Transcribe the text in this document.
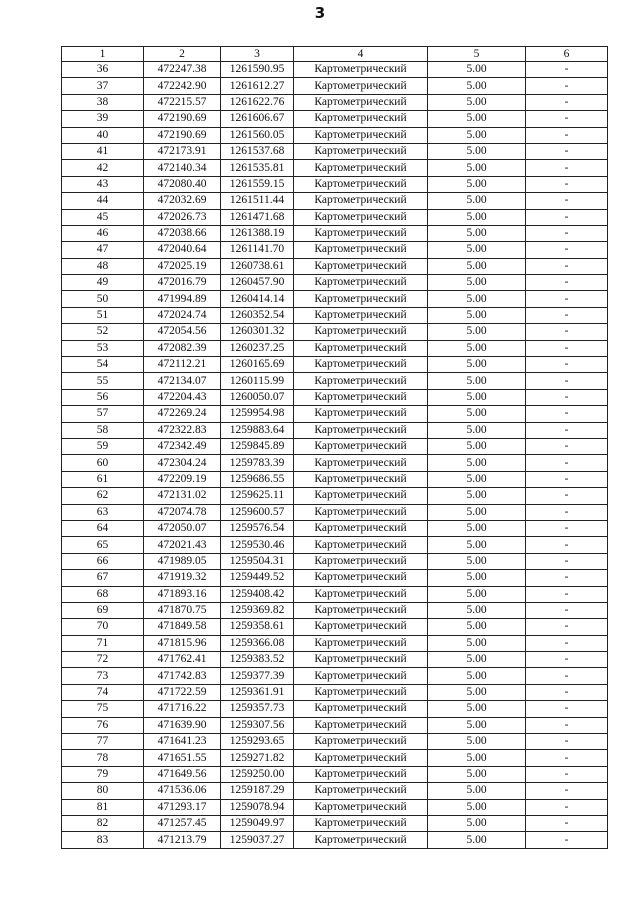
3
1	2	3	4	5	6
36	472247.38	1261590.95	Картометрический	5.00	-
37	472242.90	1261612.27	Картометрический	5.00	-
38	472215.57	1261622.76	Картометрический	5.00	-
39	472190.69	1261606.67	Картометрический	5.00	-
40	472190.69	1261560.05	Картометрический	5.00	-
41	472173.91	1261537.68	Картометрический	5.00	-
42	472140.34	1261535.81	Картометрический	5.00	-
43	472080.40	1261559.15	Картометрический	5.00	-
44	472032.69	1261511.44	Картометрический	5.00	-
45	472026.73	1261471.68	Картометрический	5.00	-
46	472038.66	1261388.19	Картометрический	5.00	-
47	472040.64	1261141.70	Картометрический	5.00	-
48	472025.19	1260738.61	Картометрический	5.00	-
49	472016.79	1260457.90	Картометрический	5.00	-
50	471994.89	1260414.14	Картометрический	5.00	-
51	472024.74	1260352.54	Картометрический	5.00	-
52	472054.56	1260301.32	Картометрический	5.00	-
53	472082.39	1260237.25	Картометрический	5.00	-
54	472112.21	1260165.69	Картометрический	5.00	-
55	472134.07	1260115.99	Картометрический	5.00	-
56	472204.43	1260050.07	Картометрический	5.00	-
57	472269.24	1259954.98	Картометрический	5.00	-
58	472322.83	1259883.64	Картометрический	5.00	-
59	472342.49	1259845.89	Картометрический	5.00	-
60	472304.24	1259783.39	Картометрический	5.00	-
61	472209.19	1259686.55	Картометрический	5.00	-
62	472131.02	1259625.11	Картометрический	5.00	-
63	472074.78	1259600.57	Картометрический	5.00	-
64	472050.07	1259576.54	Картометрический	5.00	-
65	472021.43	1259530.46	Картометрический	5.00	-
66	471989.05	1259504.31	Картометрический	5.00	-
67	471919.32	1259449.52	Картометрический	5.00	-
68	471893.16	1259408.42	Картометрический	5.00	-
69	471870.75	1259369.82	Картометрический	5.00	-
70	471849.58	1259358.61	Картометрический	5.00	-
71	471815.96	1259366.08	Картометрический	5.00	-
72	471762.41	1259383.52	Картометрический	5.00	-
73	471742.83	1259377.39	Картометрический	5.00	-
74	471722.59	1259361.91	Картометрический	5.00	-
75	471716.22	1259357.73	Картометрический	5.00	-
76	471639.90	1259307.56	Картометрический	5.00	-
77	471641.23	1259293.65	Картометрический	5.00	-
78	471651.55	1259271.82	Картометрический	5.00	-
79	471649.56	1259250.00	Картометрический	5.00	-
80	471536.06	1259187.29	Картометрический	5.00	-
81	471293.17	1259078.94	Картометрический	5.00	-
82	471257.45	1259049.97	Картометрический	5.00	-
83	471213.79	1259037.27	Картометрический	5.00	-
